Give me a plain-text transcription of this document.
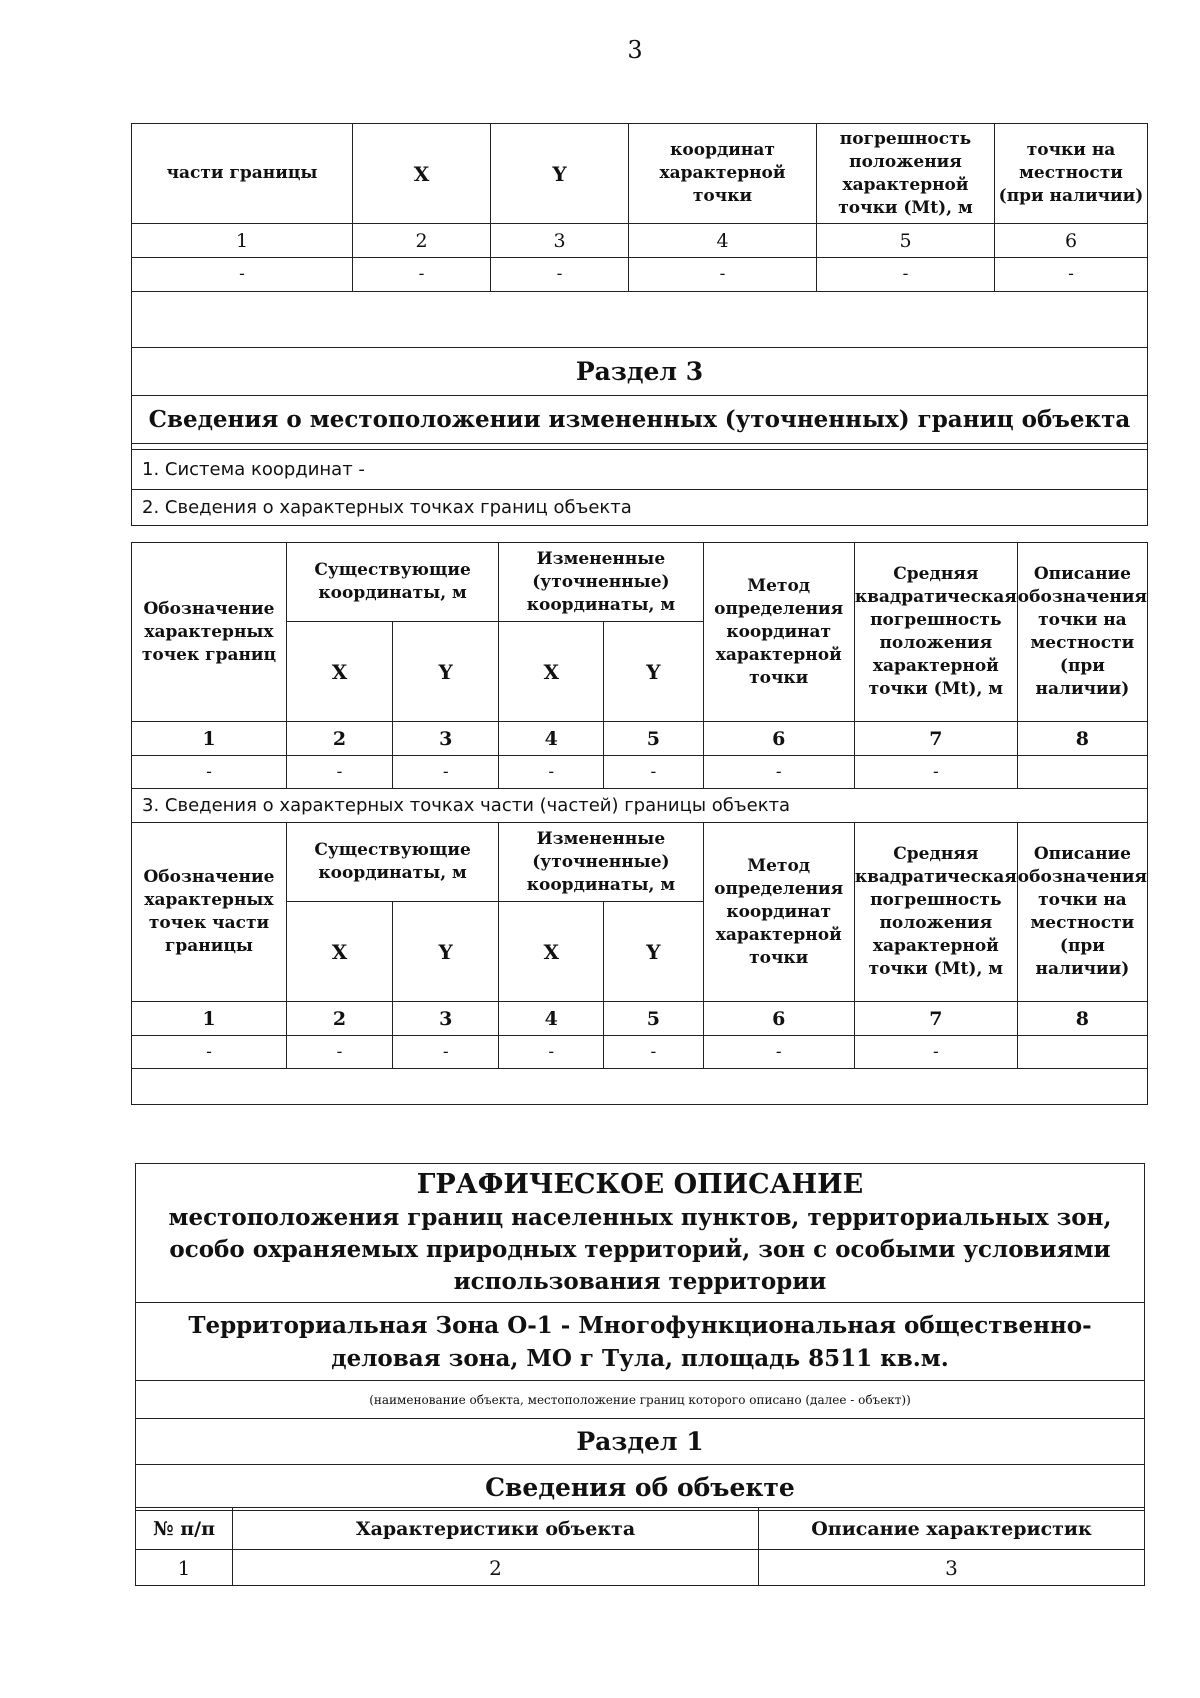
3
части границы	X	Y	координат характерной точки	погрешность положения характерной точки (Mt), м	точки на местности (при наличии)
1	2	3	4	5	6
-	-	-	-	-	-

Раздел 3
Сведения о местоположении измененных (уточненных) границ объекта

1. Система координат -
2. Сведения о характерных точках границ объекта
Обозначение характерных точек границ	Существующие координаты, м		Измененные (уточненные) координаты, м		Метод определения координат характерной точки	Средняя квадратическая погрешность положения характерной точки (Mt), м	Описание обозначения точки на местности (при наличии)
	X	Y	X	Y			
1	2	3	4	5	6	7	8
-	-	-	-	-	-	-	
3. Сведения о характерных точках части (частей) границы объекта							
Обозначение характерных точек части границы	Существующие координаты, м		Измененные (уточненные) координаты, м		Метод определения координат характерной точки	Средняя квадратическая погрешность положения характерной точки (Mt), м	Описание обозначения точки на местности (при наличии)
	X	Y	X	Y			
1	2	3	4	5	6	7	8
-	-	-	-	-	-	-	

ГРАФИЧЕСКОЕ ОПИСАНИЕ
местоположения границ населенных пунктов, территориальных зон, особо охраняемых природных территорий, зон с особыми условиями использования территории

Территориальная Зона О-1 - Многофункциональная общественно-деловая зона, МО г Тула, площадь 8511 кв.м.
(наименование объекта, местоположение границ которого описано (далее - объект))
Раздел 1
Сведения об объекте
№ п/п	Характеристики объекта	Описание характеристик
1	2	3
